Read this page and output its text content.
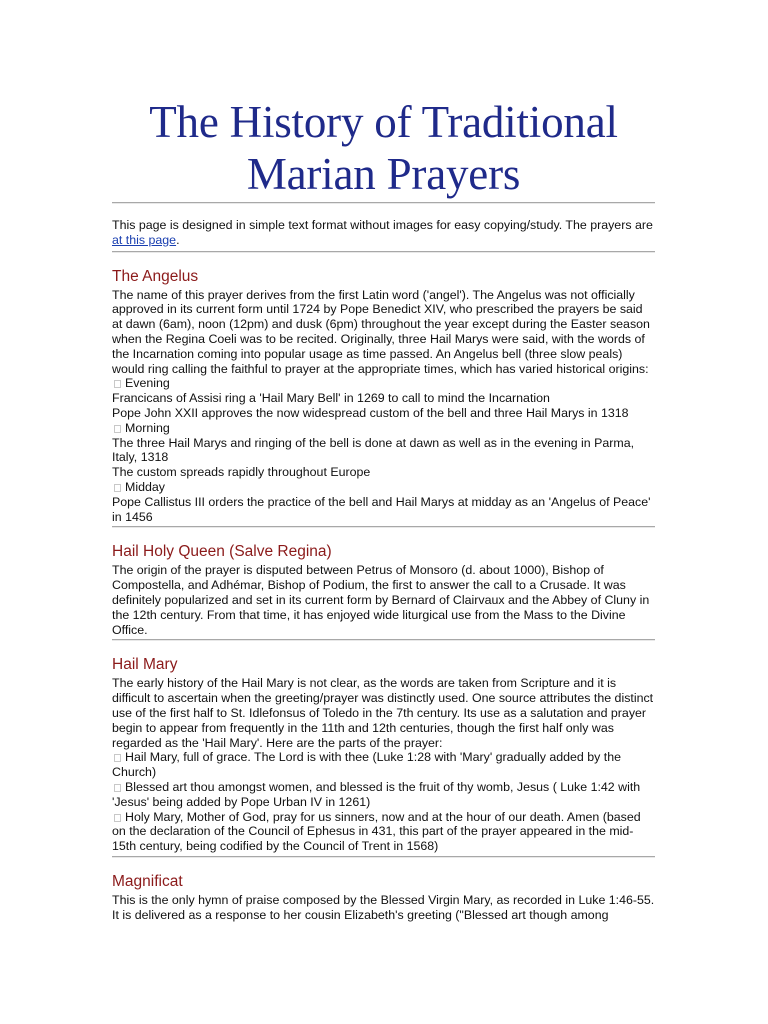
The History of Traditional
Marian Prayers

This page is designed in simple text format without images for easy copying/study. The prayers are at this page.

The Angelus

The name of this prayer derives from the first Latin word ('angel'). The Angelus was not officially approved in its current form until 1724 by Pope Benedict XIV, who prescribed the prayers be said at dawn (6am), noon (12pm) and dusk (6pm) throughout the year except during the Easter season when the Regina Coeli was to be recited. Originally, three Hail Marys were said, with the words of the Incarnation coming into popular usage as time passed. An Angelus bell (three slow peals) would ring calling the faithful to prayer at the appropriate times, which has varied historical origins:

Evening

Francicans of Assisi ring a 'Hail Mary Bell' in 1269 to call to mind the Incarnation

Pope John XXII approves the now widespread custom of the bell and three Hail Marys in 1318

Morning

The three Hail Marys and ringing of the bell is done at dawn as well as in the evening in Parma, Italy, 1318

The custom spreads rapidly throughout Europe

Midday

Pope Callistus III orders the practice of the bell and Hail Marys at midday as an 'Angelus of Peace' in 1456

Hail Holy Queen (Salve Regina)

The origin of the prayer is disputed between Petrus of Monsoro (d. about 1000), Bishop of Compostella, and Adhémar, Bishop of Podium, the first to answer the call to a Crusade. It was definitely popularized and set in its current form by Bernard of Clairvaux and the Abbey of Cluny in the 12th century. From that time, it has enjoyed wide liturgical use from the Mass to the Divine Office.

Hail Mary

The early history of the Hail Mary is not clear, as the words are taken from Scripture and it is difficult to ascertain when the greeting/prayer was distinctly used. One source attributes the distinct use of the first half to St. Idlefonsus of Toledo in the 7th century. Its use as a salutation and prayer begin to appear from frequently in the 11th and 12th centuries, though the first half only was regarded as the 'Hail Mary'. Here are the parts of the prayer:

Hail Mary, full of grace. The Lord is with thee (Luke 1:28 with 'Mary' gradually added by the Church)

Blessed art thou amongst women, and blessed is the fruit of thy womb, Jesus ( Luke 1:42 with 'Jesus' being added by Pope Urban IV in 1261)

Holy Mary, Mother of God, pray for us sinners, now and at the hour of our death. Amen (based on the declaration of the Council of Ephesus in 431, this part of the prayer appeared in the mid-15th century, being codified by the Council of Trent in 1568)

Magnificat

This is the only hymn of praise composed by the Blessed Virgin Mary, as recorded in Luke 1:46-55. It is delivered as a response to her cousin Elizabeth's greeting ("Blessed art though among
